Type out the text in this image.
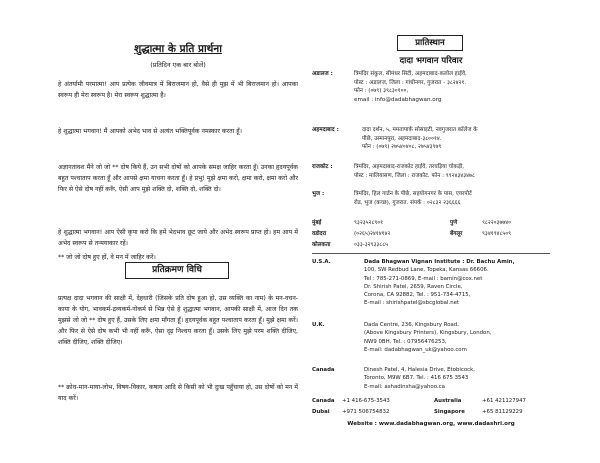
शुद्धात्मा के प्रति प्रार्थना
(प्रतिदिन एक बार बोलें)
हे अंतर्यामी परमात्मा! आप प्रत्येक जीवमात्र में बिराजमान हो, वैसे ही मुझ में भी बिराजमान हो। आपका स्वरूप ही मेरा स्वरूप है। मेरा स्वरूप शुद्धात्मा है।
हे शुद्धात्मा भगवान! मैं आपको अभेद भाव से अत्यंत भक्तिपूर्वक नमस्कार करता हूँ।
अज्ञानतावश मैंने जो जो ** दोष किये हैं, उन सभी दोषों को आपके समक्ष जाहिर करता हूँ। उनका हृदयपूर्वक बहुत पश्चाताप करता हूँ और आपसे क्षमा याचना करता हूँ। हे प्रभु! मुझे क्षमा करो, क्षमा करो, क्षमा करो और फिर से ऐसे दोष नहीं करूँ, ऐसी आप मुझे शक्ति दो, शक्ति दो, शक्ति दो।
हे शुद्धात्मा भगवान! आप ऐसी कृपा करो कि हमें भेदभाव छूट जाये और अभेद स्वरूप प्राप्त हो। हम आप में अभेद स्वरूप से तन्मयाकार रहें।
** जो जो दोष हुए हों, वे मन में जाहिर करें।
प्रतिक्रमण विधि
प्रत्यक्ष दादा भगवान की साक्षी में, देहधारी (जिसके प्रति दोष हुआ हो, उस व्यक्ति का नाम) के मन-वचन-काया के योग, भावकर्म-द्रव्यकर्म-नोकर्म से भिन्न ऐसे हे शुद्धात्मा भगवान, आपकी साक्षी में, आज दिन तक मुझसे जो जो ** दोष हुए हैं, उसके लिए क्षमा माँगता हूँ। हृदयपूर्वक बहुत पश्चाताप करता हूँ। मुझे क्षमा करें। और फिर से ऐसे दोष कभी भी नहीं करूँ, ऐसा दृढ़ निश्चय करता हूँ। उसके लिए मुझे परम शक्ति दीजिए, शक्ति दीजिए, शक्ति दीजिए।
** क्रोध-मान-माया-लोभ, विषय-विकार, कषाय आदि से किसी को भी दुःख पहुँचाया हो, उस दोषों को मन में याद करें।
प्रातिस्थान
दादा भगवान परिवार
अडालज :	त्रिमंदिर संकुल, सीमंधर सिटी, अहमदाबाद-कलोल हाईवे,
पोस्ट : अडालज, जिला : गांधीनगर, गुजरात - ३८२४२१.
फोन : (०७९) ३९८३०१००,
email : info@dadabhagwan.org
अहमदाबाद :	दादा दर्शन, ५, ममतापार्क सोसाइटी, नवगुजरात कॉलेज के
पीछे, उस्मानपुरा, अहमदाबाद-३८००१४.
फोन : (०७९) २७५४०४०८, २७५४३९७९
राजकोट :	त्रिमंदिर, अहमदाबाद-राजकोट हाईवे, तरघड़िया चोकड़ी,
पोस्ट : मालियासण, जिला : राजकोट. फोन : ९९२४३४३४७८
भुज :	त्रिमंदिर, हिल गार्डन के पीछे, सहयोगनगर के पास, एयरपोर्ट
रोड, भुज (कच्छ), गुजरात. संपर्क : ०२८३२ २३६६६६
मुंबई	९३२३५२८९०१	पुणे	९८२२०३७७४०
वडोदरा	(०२६५)२४१४१४२	बेंगलूर	९३४१९४८५०९
कोलकता	०३३-३२९३३८८५
U.S.A.	Dada Bhagwan Vignan Institute : Dr. Bachu Amin,
100, SW Redbud Lane, Topeka, Kansas 66606.
Tel : 785-271-0869, E-mail : bamin@cox.net
Dr. Shirish Patel, 2659, Raven Circle,
Corona, CA 92882, Tel. : 951-734-4715,
E-mail : shirishpatel@sbcglobal.net
U.K.	Dada Centre, 236, Kingsbury Road,
(Above Kingsbury Printers), Kingsbury, London,
NW9 0BH. Tel. : 07956476253,
E-mail: dadabhagwan_uk@yahoo.com
Canada	Dinesh Patel, 4, Halesia Drive, Etobicock,
Toronto, M9W 6B7. Tel. : 416 675 3543
E-mail: ashadinsha@yahoo.ca
Canada +1 416-675-3543	Australia	+61 421127947
Dubai +971 506754832	Singapore	+65 81129229
Website : www.dadabhagwan.org, www.dadashri.org
